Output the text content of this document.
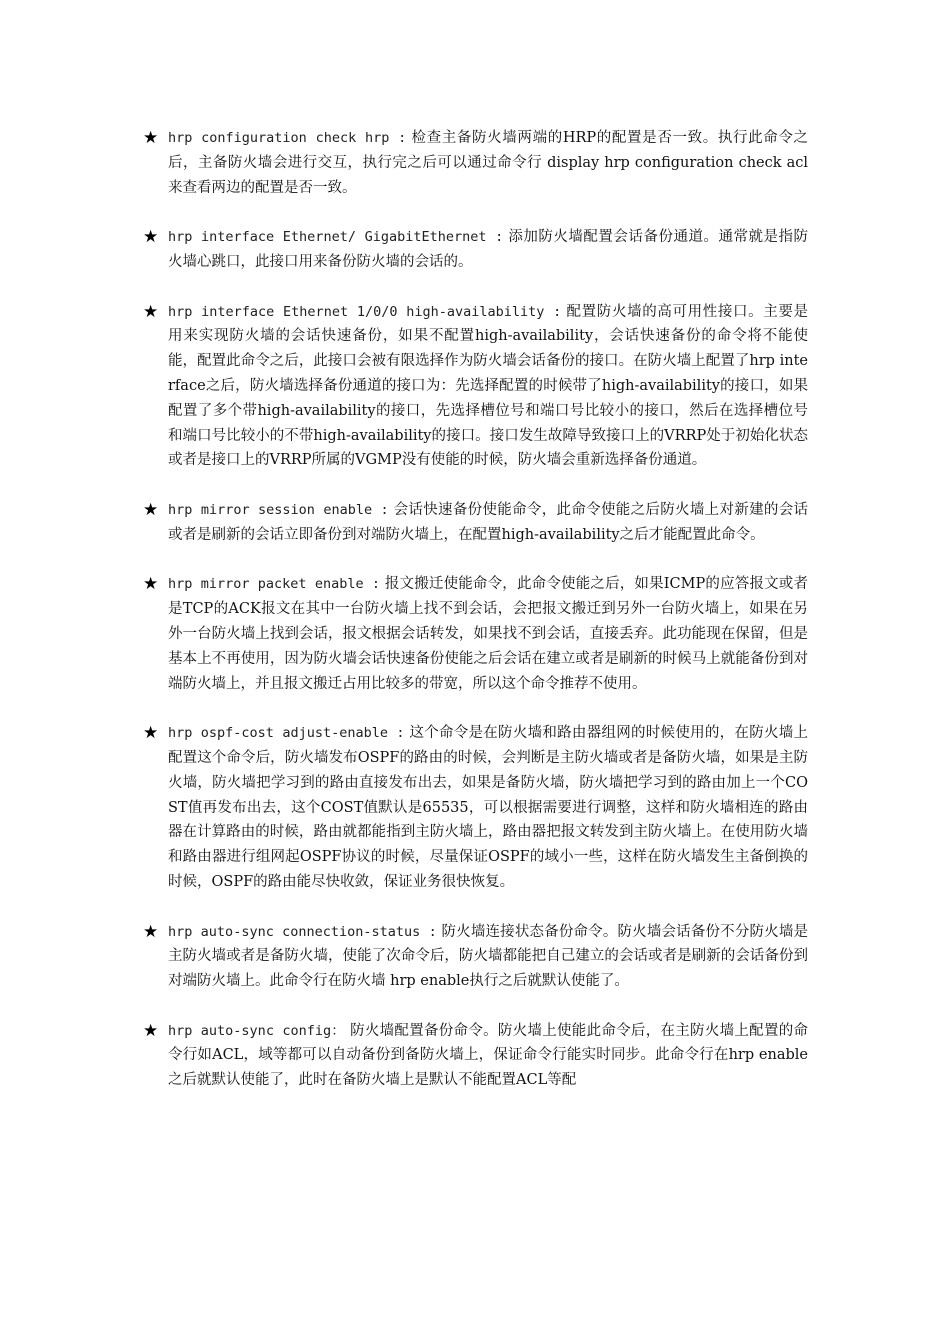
★ hrp configuration check hrp : 检查主备防火墙两端的HRP的配置是否一致。执行此命令之后，主备防火墙会进行交互，执行完之后可以通过命令行 display hrp configuration check acl来查看两边的配置是否一致。
★ hrp interface Ethernet/ GigabitEthernet : 添加防火墙配置会话备份通道。通常就是指防火墙心跳口，此接口用来备份防火墙的会话的。
★ hrp interface Ethernet 1/0/0 high-availability : 配置防火墙的高可用性接口。主要是用来实现防火墙的会话快速备份，如果不配置high-availability，会话快速备份的命令将不能使能，配置此命令之后，此接口会被有限选择作为防火墙会话备份的接口。在防火墙上配置了hrp interface之后，防火墙选择备份通道的接口为：先选择配置的时候带了high-availability的接口，如果配置了多个带high-availability的接口，先选择槽位号和端口号比较小的接口，然后在选择槽位号和端口号比较小的不带high-availability的接口。接口发生故障导致接口上的VRRP处于初始化状态或者是接口上的VRRP所属的VGMP没有使能的时候，防火墙会重新选择备份通道。
★ hrp mirror session enable : 会话快速备份使能命令，此命令使能之后防火墙上对新建的会话或者是刷新的会话立即备份到对端防火墙上，在配置high-availability之后才能配置此命令。
★ hrp mirror packet enable : 报文搬迁使能命令，此命令使能之后，如果ICMP的应答报文或者是TCP的ACK报文在其中一台防火墙上找不到会话，会把报文搬迁到另外一台防火墙上，如果在另外一台防火墙上找到会话，报文根据会话转发，如果找不到会话，直接丢弃。此功能现在保留，但是基本上不再使用，因为防火墙会话快速备份使能之后会话在建立或者是刷新的时候马上就能备份到对端防火墙上，并且报文搬迁占用比较多的带宽，所以这个命令推荐不使用。
★ hrp ospf-cost adjust-enable : 这个命令是在防火墙和路由器组网的时候使用的，在防火墙上配置这个命令后，防火墙发布OSPF的路由的时候，会判断是主防火墙或者是备防火墙，如果是主防火墙，防火墙把学习到的路由直接发布出去，如果是备防火墙，防火墙把学习到的路由加上一个COST值再发布出去，这个COST值默认是65535，可以根据需要进行调整，这样和防火墙相连的路由器在计算路由的时候，路由就都能指到主防火墙上，路由器把报文转发到主防火墙上。在使用防火墙和路由器进行组网起OSPF协议的时候，尽量保证OSPF的域小一些，这样在防火墙发生主备倒换的时候，OSPF的路由能尽快收敛，保证业务很快恢复。
★ hrp auto-sync connection-status : 防火墙连接状态备份命令。防火墙会话备份不分防火墙是主防火墙或者是备防火墙，使能了次命令后，防火墙都能把自己建立的会话或者是刷新的会话备份到对端防火墙上。此命令行在防火墙 hrp enable执行之后就默认使能了。
★ hrp auto-sync config： 防火墙配置备份命令。防火墙上使能此命令后，在主防火墙上配置的命令行如ACL，域等都可以自动备份到备防火墙上，保证命令行能实时同步。此命令行在hrp enable之后就默认使能了，此时在备防火墙上是默认不能配置ACL等配
